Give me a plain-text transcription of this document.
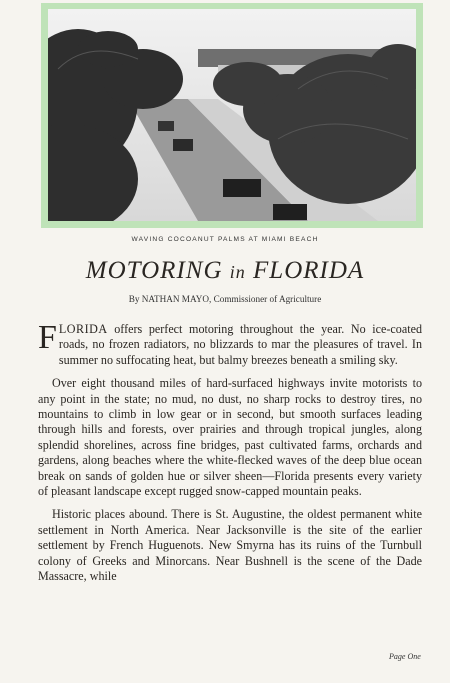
WAVING COCOANUT PALMS AT MIAMI BEACH
MOTORING in FLORIDA
By NATHAN MAYO, Commissioner of Agriculture

FLORIDA offers perfect motoring throughout the year. No ice-coated roads, no frozen radiators, no blizzards to mar the pleasures of travel. In summer no suffocating heat, but balmy breezes beneath a smiling sky.

Over eight thousand miles of hard-surfaced highways invite motorists to any point in the state; no mud, no dust, no sharp rocks to destroy tires, no mountains to climb in low gear or in second, but smooth surfaces leading through hills and forests, over prairies and through tropical jungles, along splendid shorelines, across fine bridges, past cultivated farms, orchards and gardens, along beaches where the white-flecked waves of the deep blue ocean break on sands of golden hue or silver sheen—Florida presents every variety of pleasant landscape except rugged snow-capped mountain peaks.

Historic places abound. There is St. Augustine, the oldest permanent white settlement in North America. Near Jacksonville is the site of the earlier settlement by French Huguenots. New Smyrna has its ruins of the Turnbull colony of Greeks and Minorcans. Near Bushnell is the scene of the Dade Massacre, while

Page One
